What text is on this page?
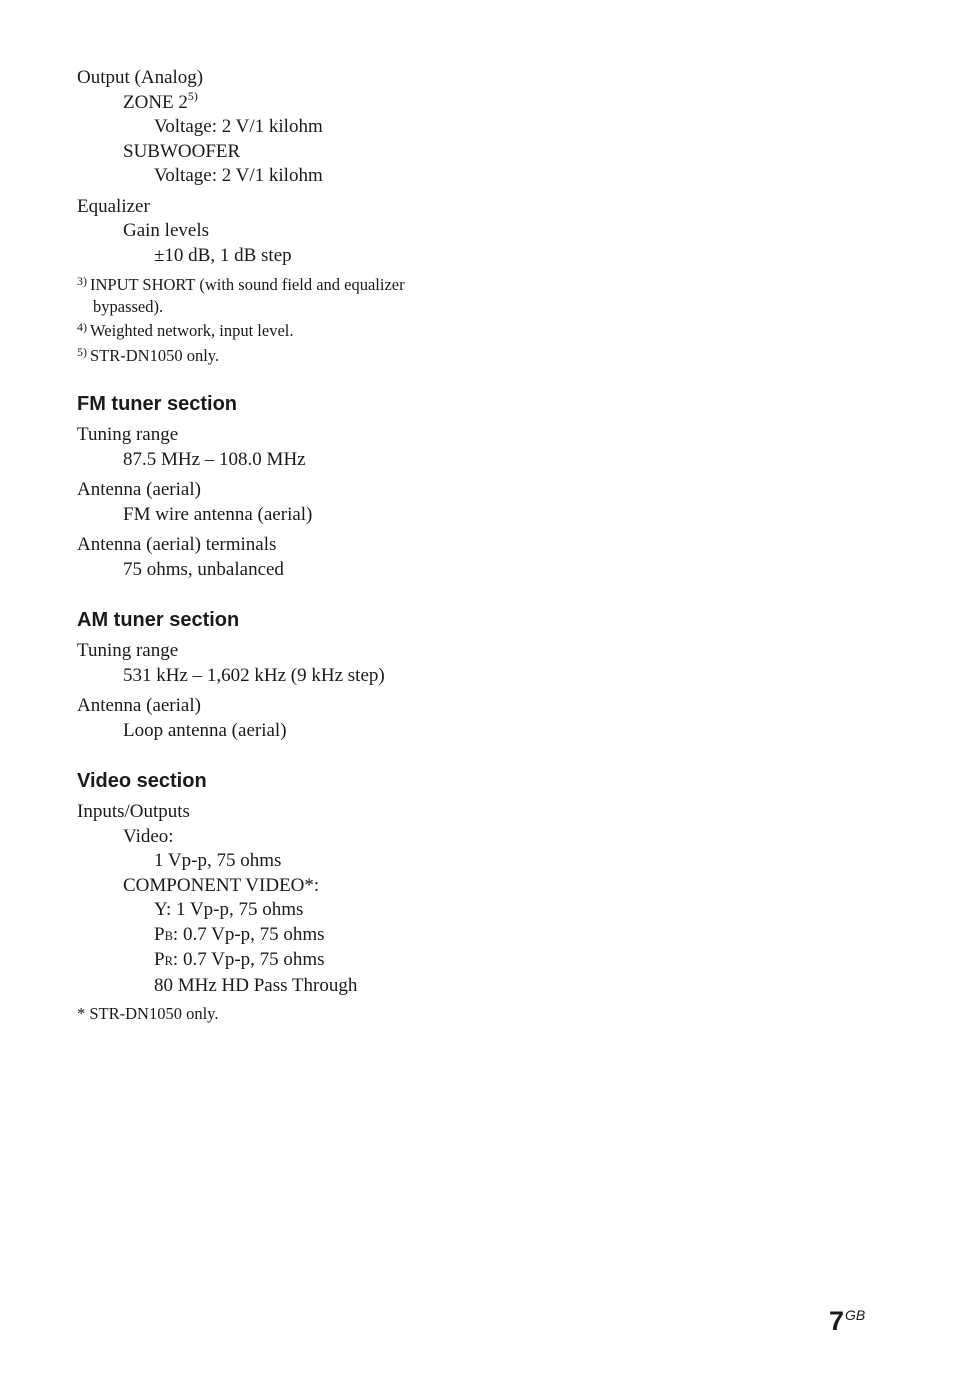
Output (Analog)
ZONE 2$^{5)}$
Voltage: 2 V/1 kilohm
SUBWOOFER
Voltage: 2 V/1 kilohm
Equalizer
Gain levels
±10 dB, 1 dB step
$^{3)}$ INPUT SHORT (with sound field and equalizer
bypassed).
$^{4)}$ Weighted network, input level.
$^{5)}$ STR-DN1050 only.
FM tuner section
Tuning range
87.5 MHz – 108.0 MHz
Antenna (aerial)
FM wire antenna (aerial)
Antenna (aerial) terminals
75 ohms, unbalanced
AM tuner section
Tuning range
531 kHz – 1,602 kHz (9 kHz step)
Antenna (aerial)
Loop antenna (aerial)
Video section
Inputs/Outputs
Video:
1 Vp-p, 75 ohms
COMPONENT VIDEO*:
Y: 1 Vp-p, 75 ohms
PB: 0.7 Vp-p, 75 ohms
PR: 0.7 Vp-p, 75 ohms
80 MHz HD Pass Through
* STR-DN1050 only.
7GB
